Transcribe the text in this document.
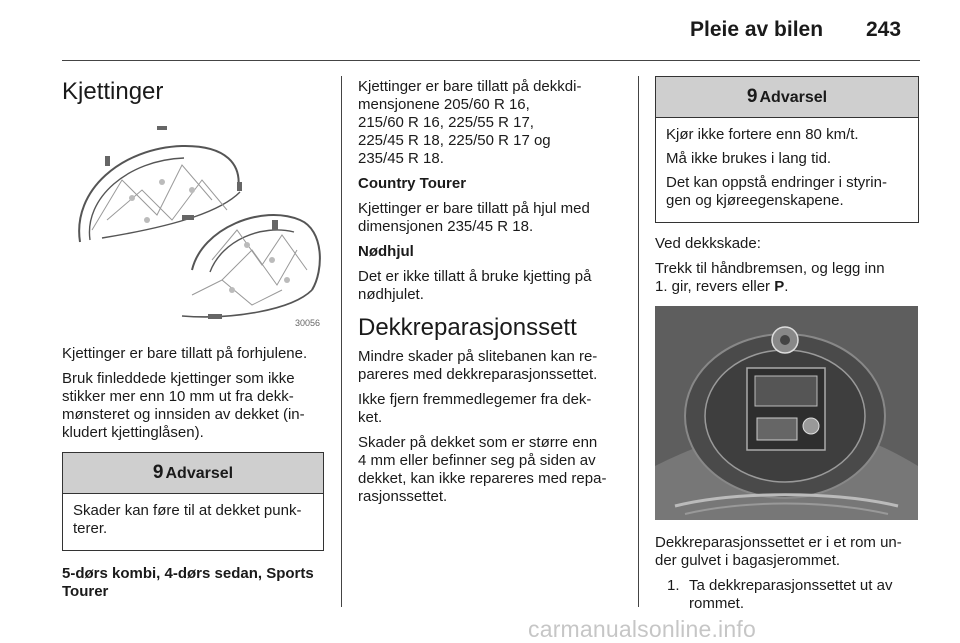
Pleie av bilen 243
Kjettinger
30056

Kjettinger er bare tillatt på forhjulene.

Bruk finleddede kjettinger som ikke
stikker mer enn 10 mm ut fra dekk-
mønsteret og innsiden av dekket (in-
kludert kjettinglåsen).

9 Advarsel

Skader kan føre til at dekket punk-
terer.

5-dørs kombi, 4-dørs sedan, Sports
Tourer

Kjettinger er bare tillatt på dekkdi-
mensjonene 205/60 R 16,
215/60 R 16, 225/55 R 17,
225/45 R 18, 225/50 R 17 og
235/45 R 18.

Country Tourer

Kjettinger er bare tillatt på hjul med
dimensjonen 235/45 R 18.

Nødhjul

Det er ikke tillatt å bruke kjetting på
nødhjulet.

Dekkreparasjonssett

Mindre skader på slitebanen kan re-
pareres med dekkreparasjonssettet.

Ikke fjern fremmedlegemer fra dek-
ket.

Skader på dekket som er større enn
4 mm eller befinner seg på siden av
dekket, kan ikke repareres med repa-
rasjonssettet.

9 Advarsel

Kjør ikke fortere enn 80 km/t.

Må ikke brukes i lang tid.

Det kan oppstå endringer i styrin-
gen og kjøreegenskapene.

Ved dekkskade:

Trekk til håndbremsen, og legg inn
1. gir, revers eller P.

Dekkreparasjonssettet er i et rom un-
der gulvet i bagasjerommet.

1. Ta dekkreparasjonssettet ut av
rommet.
carmanualsonline.info
